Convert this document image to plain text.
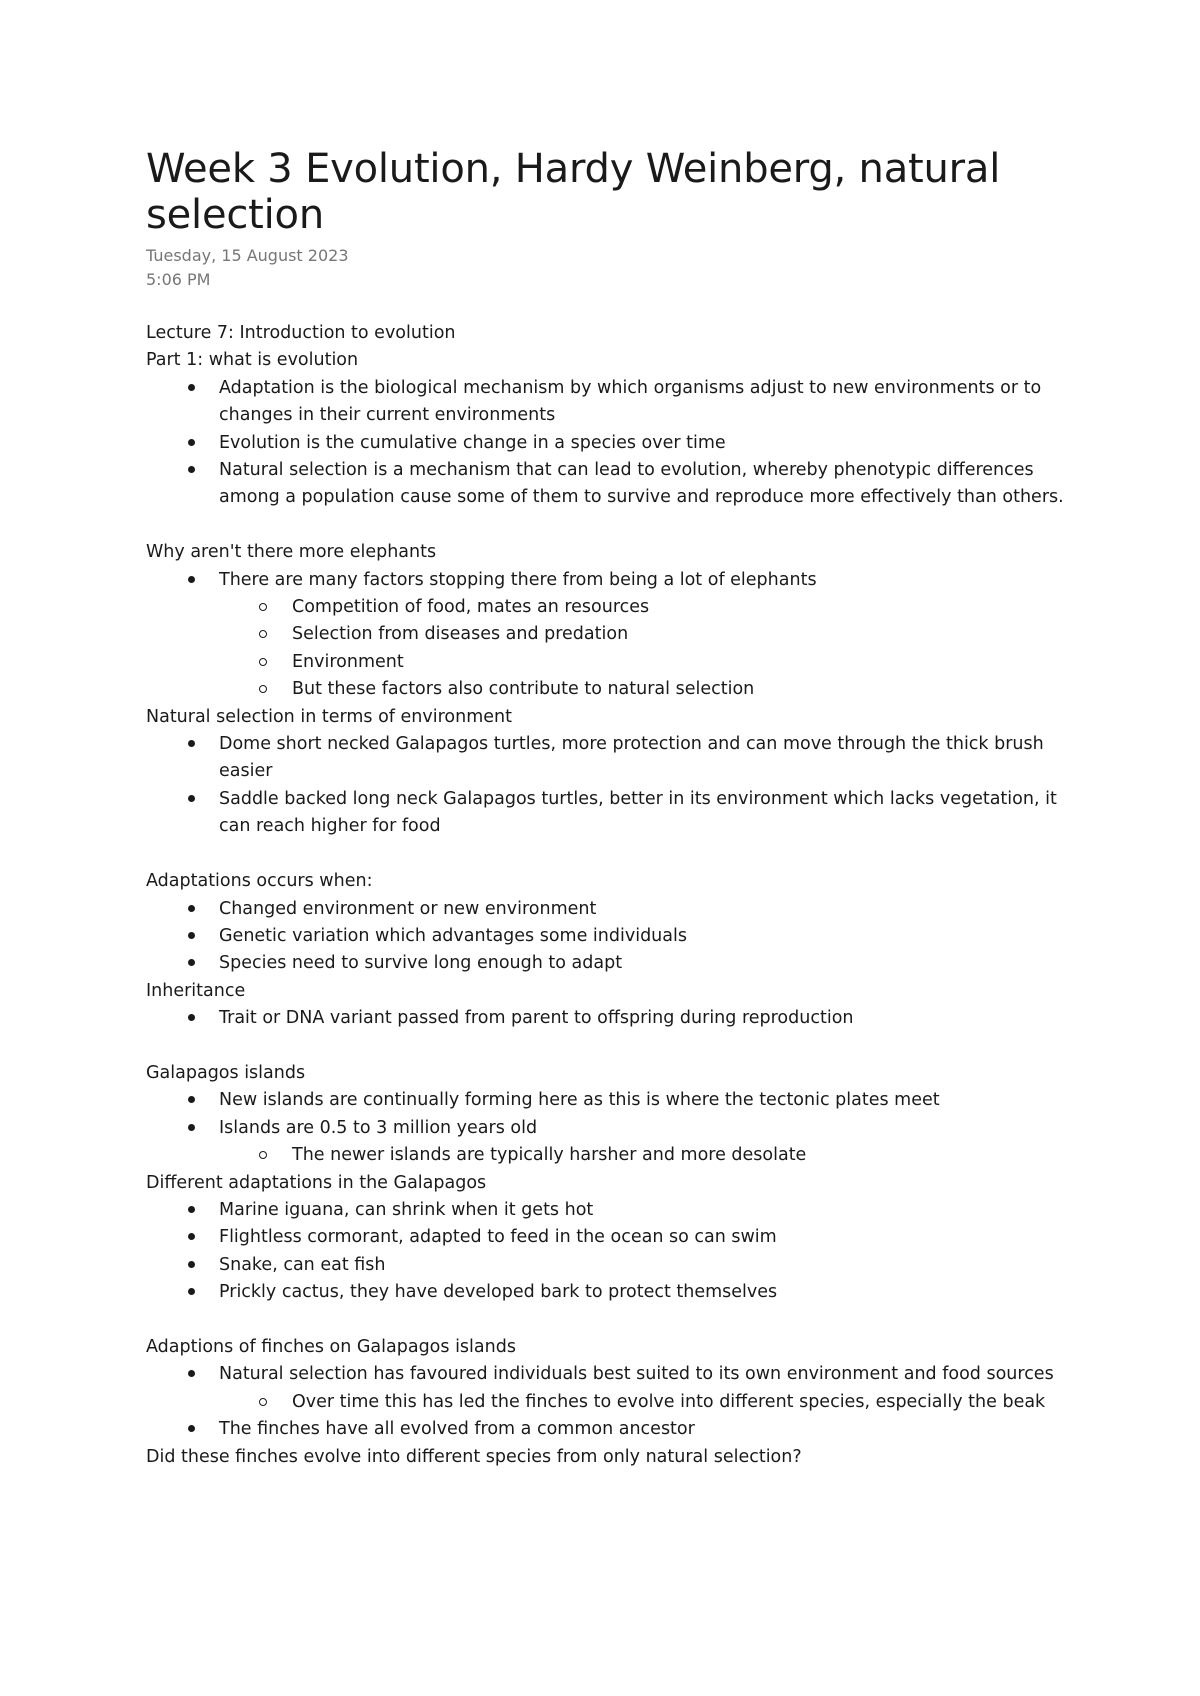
Week 3 Evolution, Hardy Weinberg, natural selection
Tuesday, 15 August 2023
5:06 PM
Lecture 7: Introduction to evolution
Part 1: what is evolution
Adaptation is the biological mechanism by which organisms adjust to new environments or to changes in their current environments
Evolution is the cumulative change in a species over time
Natural selection is a mechanism that can lead to evolution, whereby phenotypic differences among a population cause some of them to survive and reproduce more effectively than others.
Why aren't there more elephants
There are many factors stopping there from being a lot of elephants
Competition of food, mates an resources
Selection from diseases and predation
Environment
But these factors also contribute to natural selection
Natural selection in terms of environment
Dome short necked Galapagos turtles, more protection and can move through the thick brush easier
Saddle backed long neck Galapagos turtles, better in its environment which lacks vegetation, it can reach higher for food
Adaptations occurs when:
Changed environment or new environment
Genetic variation which advantages some individuals
Species need to survive long enough to adapt
Inheritance
Trait or DNA variant passed from parent to offspring during reproduction
Galapagos islands
New islands are continually forming here as this is where the tectonic plates meet
Islands are 0.5 to 3 million years old
The newer islands are typically harsher and more desolate
Different adaptations in the Galapagos
Marine iguana, can shrink when it gets hot
Flightless cormorant, adapted to feed in the ocean so can swim
Snake, can eat fish
Prickly cactus, they have developed bark to protect themselves
Adaptions of finches on Galapagos islands
Natural selection has favoured individuals best suited to its own environment and food sources
Over time this has led the finches to evolve into different species, especially the beak
The finches have all evolved from a common ancestor
Did these finches evolve into different species from only natural selection?
